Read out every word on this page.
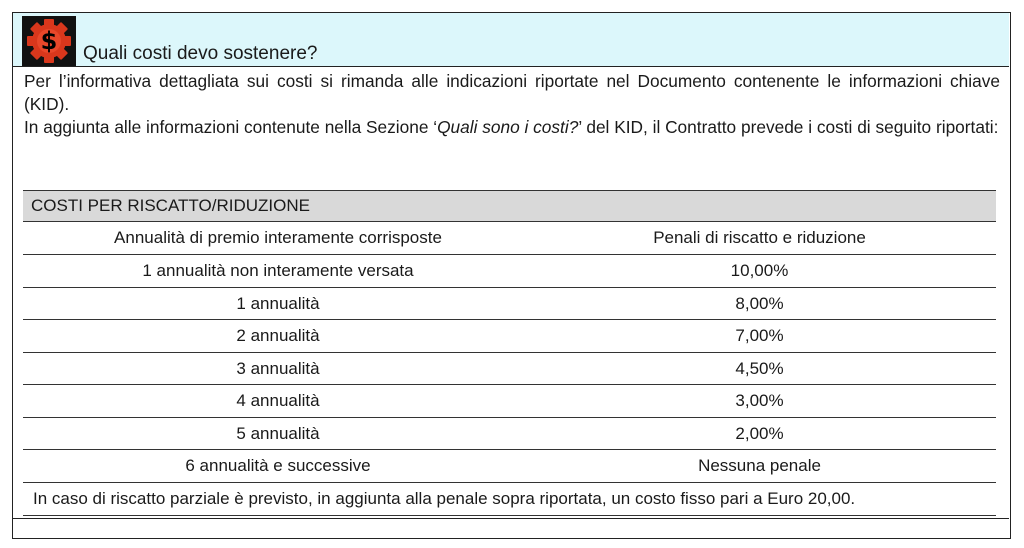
$ Quali costi devo sostenere?

Per l’informativa dettagliata sui costi si rimanda alle indicazioni riportate nel Documento contenente le informazioni chiave (KID).

In aggiunta alle informazioni contenute nella Sezione ‘Quali sono i costi?’ del KID, il Contratto prevede i costi di seguito riportati:

COSTI PER RISCATTO/RIDUZIONE
Annualità di premio interamente corrisposte	Penali di riscatto e riduzione
1 annualità non interamente versata	10,00%
1 annualità	8,00%
2 annualità	7,00%
3 annualità	4,50%
4 annualità	3,00%
5 annualità	2,00%
6 annualità e successive	Nessuna penale
In caso di riscatto parziale è previsto, in aggiunta alla penale sopra riportata, un costo fisso pari a Euro 20,00.
